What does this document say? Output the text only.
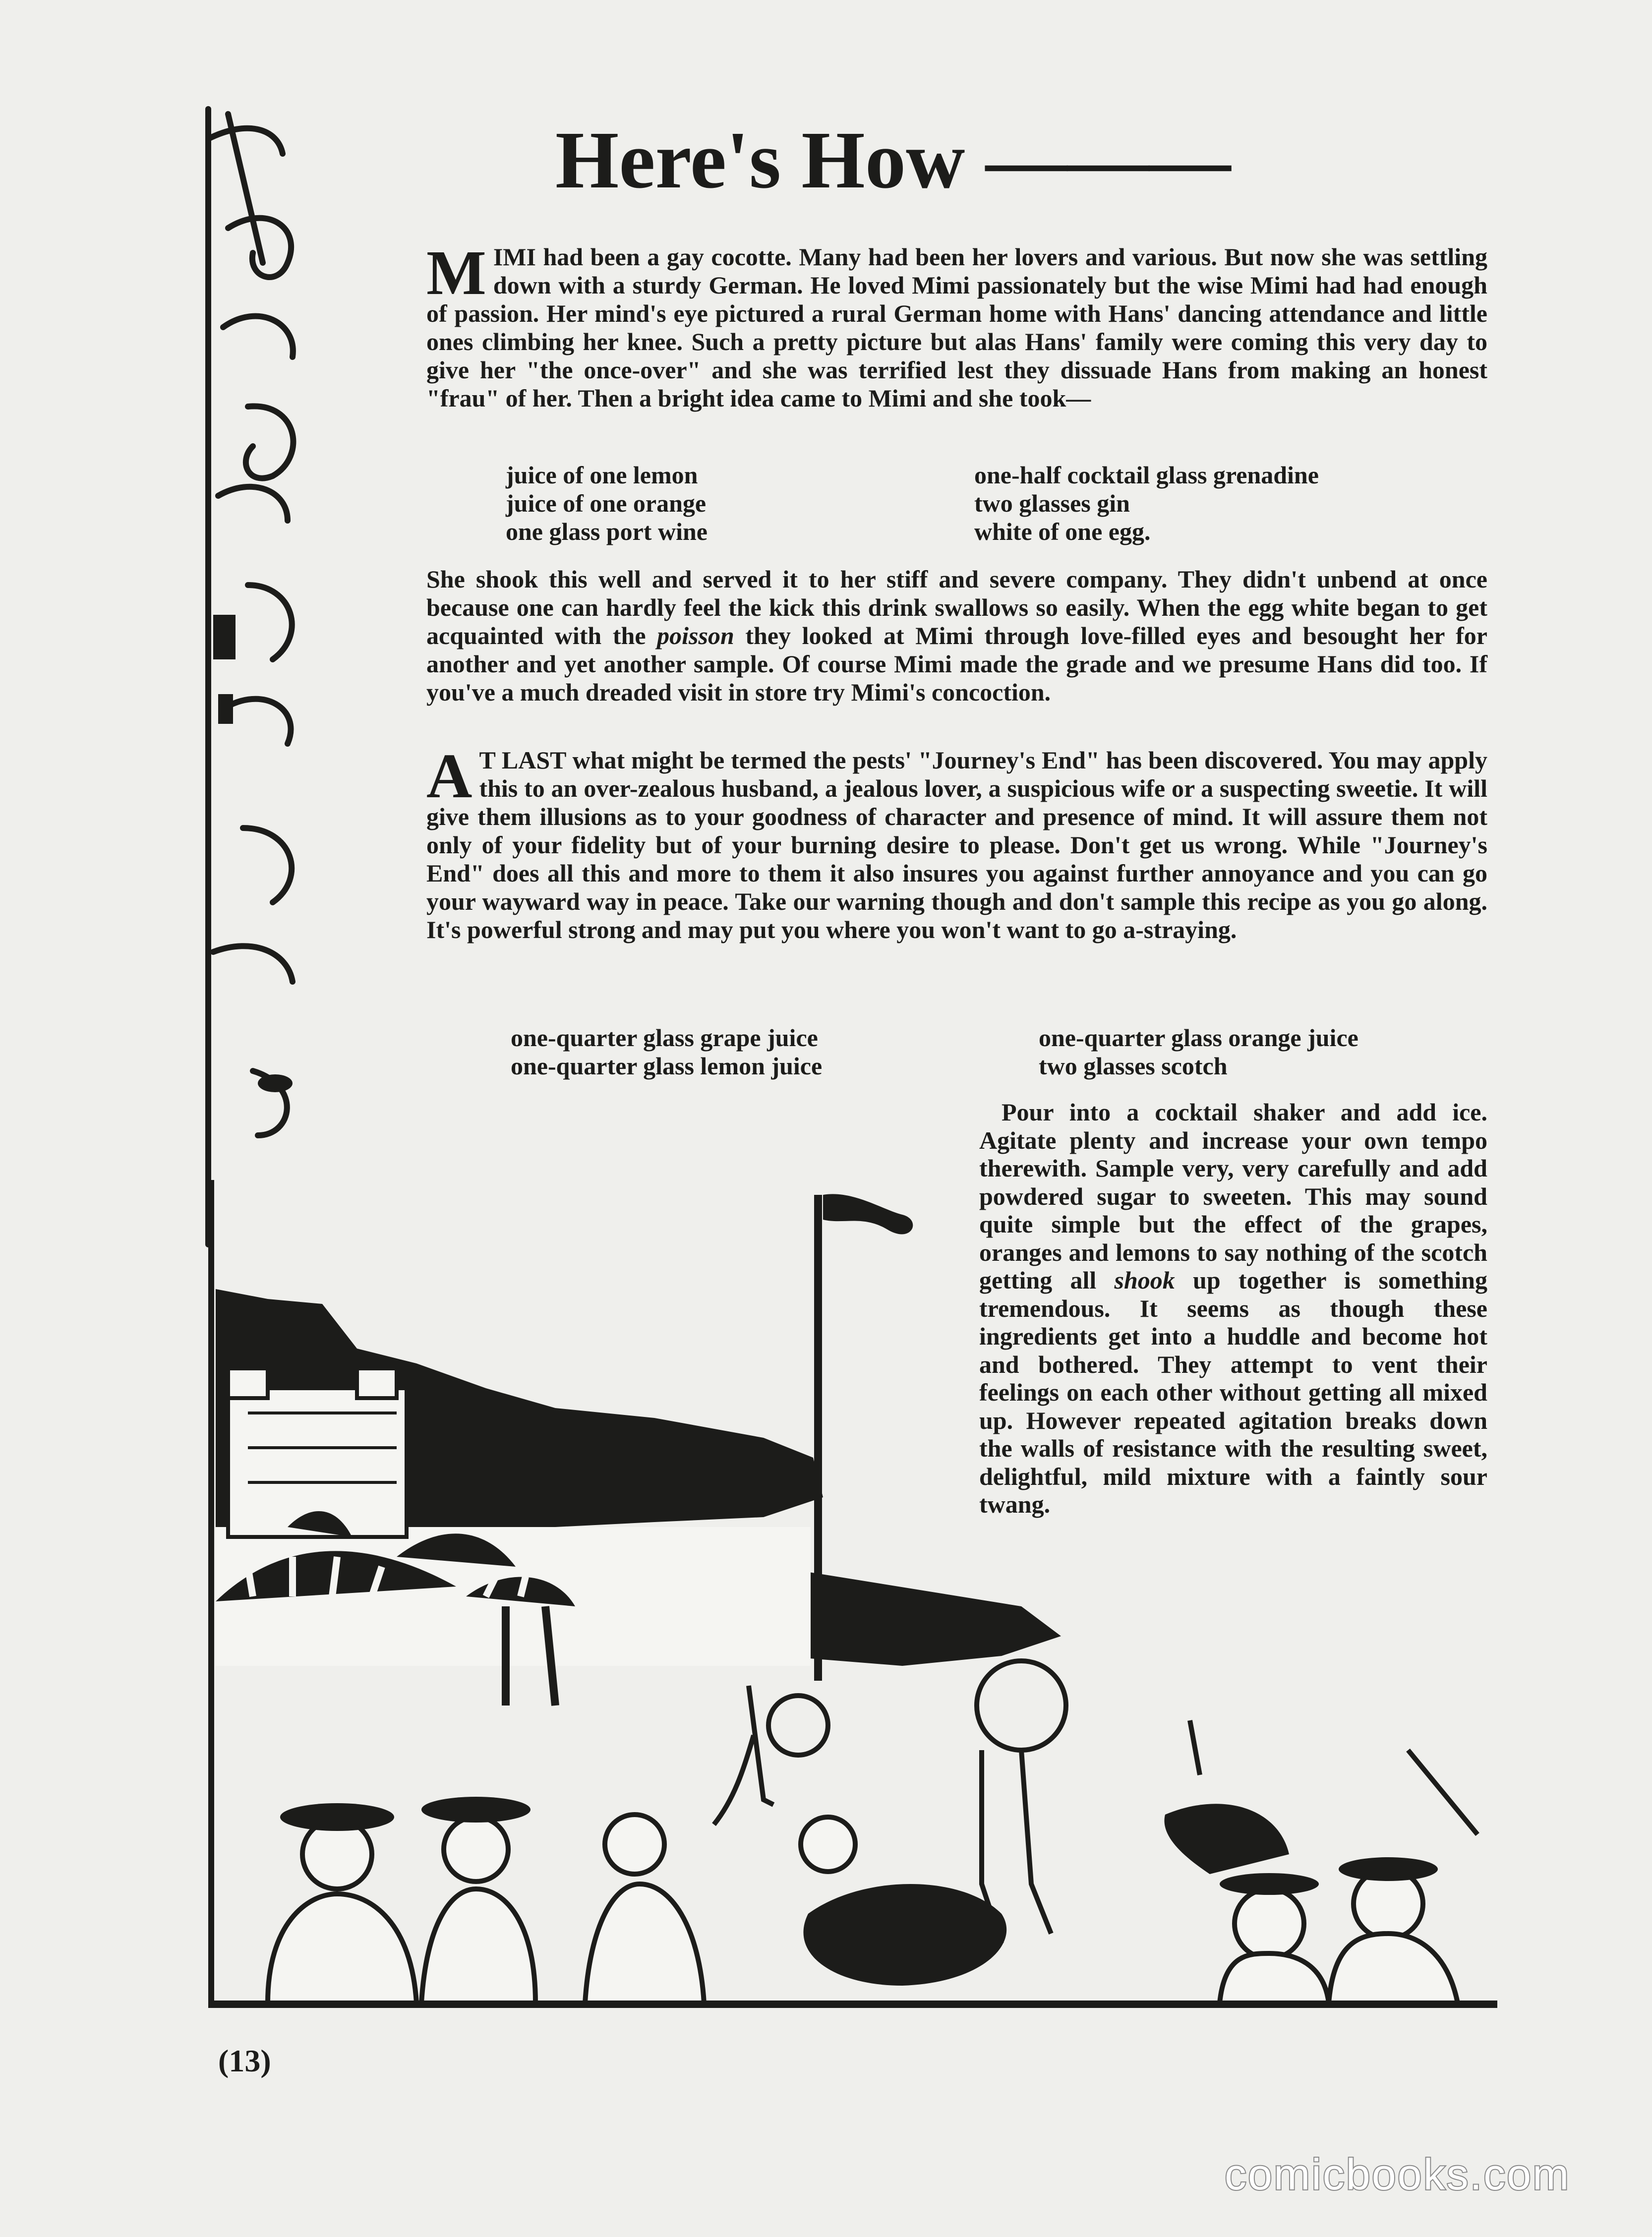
Here's How ———
MIMI had been a gay cocotte. Many had been her lovers and various. But now she was settling down with a sturdy German. He loved Mimi passionately but the wise Mimi had had enough of passion. Her mind's eye pictured a rural German home with Hans' dancing attendance and little ones climbing her knee. Such a pretty picture but alas Hans' family were coming this very day to give her "the once-over" and she was terrified lest they dissuade Hans from making an honest "frau" of her. Then a bright idea came to Mimi and she took—
juice of one lemon
juice of one orange
one glass port wine
one-half cocktail glass grenadine
two glasses gin
white of one egg.
She shook this well and served it to her stiff and severe company. They didn't unbend at once because one can hardly feel the kick this drink swallows so easily. When the egg white began to get acquainted with the poisson they looked at Mimi through love-filled eyes and besought her for another and yet another sample. Of course Mimi made the grade and we presume Hans did too. If you've a much dreaded visit in store try Mimi's concoction.
A T LAST what might be termed the pests' "Journey's End" has been discovered. You may apply this to an over-zealous husband, a jealous lover, a suspicious wife or a suspecting sweetie. It will give them illusions as to your goodness of character and presence of mind. It will assure them not only of your fidelity but of your burning desire to please. Don't get us wrong. While "Journey's End" does all this and more to them it also insures you against further annoyance and you can go your wayward way in peace. Take our warning though and don't sample this recipe as you go along. It's powerful strong and may put you where you won't want to go a-straying.
one-quarter glass grape juice
one-quarter glass lemon juice
one-quarter glass orange juice
two glasses scotch
Pour into a cocktail shaker and add ice. Agitate plenty and increase your own tempo therewith. Sample very, very carefully and add powdered sugar to sweeten. This may sound quite simple but the effect of the grapes, oranges and lemons to say nothing of the scotch getting all shook up together is something tremendous. It seems as though these ingredients get into a huddle and become hot and bothered. They attempt to vent their feelings on each other without getting all mixed up. However repeated agitation breaks down the walls of resistance with the resulting sweet, delightful, mild mixture with a faintly sour twang.
(13)
comicbooks.com
